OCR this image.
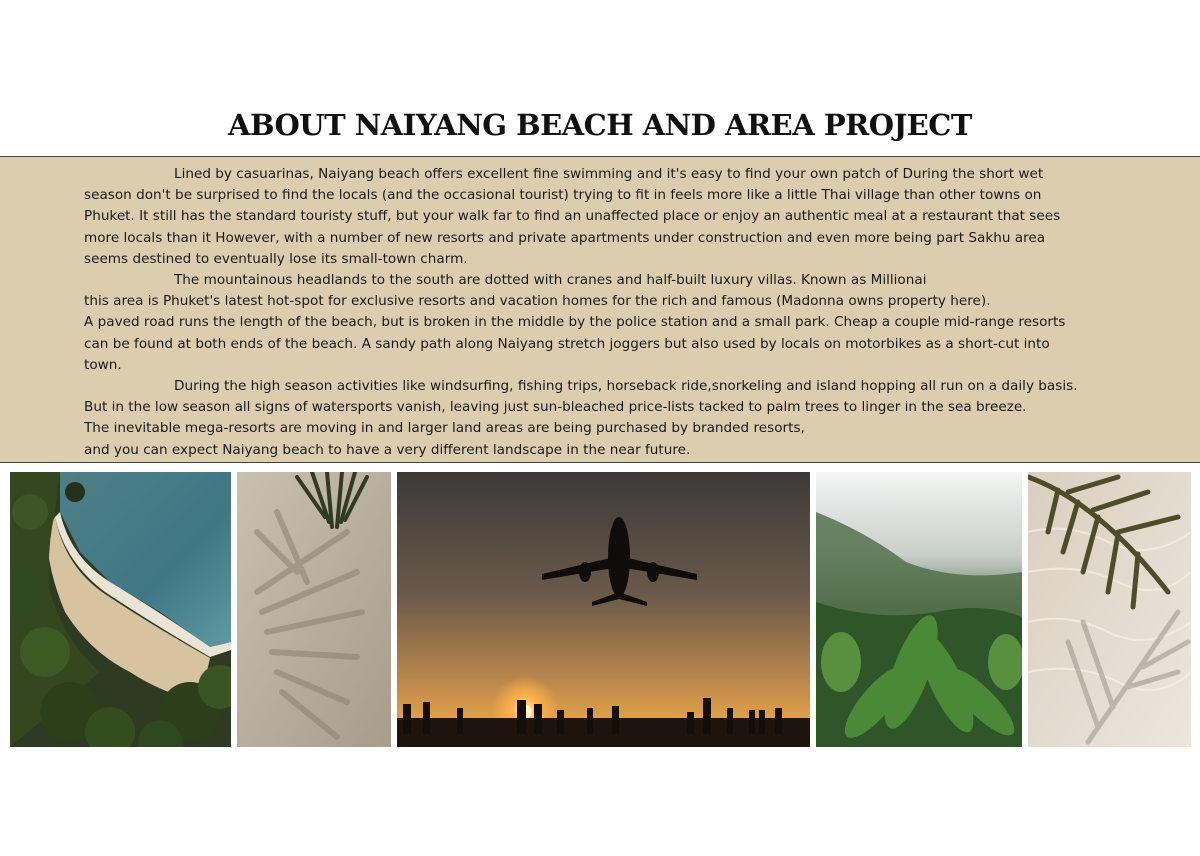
ABOUT NAIYANG BEACH AND AREA PROJECT
Lined by casuarinas, Naiyang beach offers excellent fine swimming and it's easy to find your own patch of During the short wet
season don't be surprised to find the locals (and the occasional tourist) trying to fit in feels more like a little Thai village than other towns on
Phuket. It still has the standard touristy stuff, but your walk far to find an unaffected place or enjoy an authentic meal at a restaurant that sees
more locals than it However, with a number of new resorts and private apartments under construction and even more being part Sakhu area
seems destined to eventually lose its small-town charm.
The mountainous headlands to the south are dotted with cranes and half-built luxury villas. Known as Millionai
this area is Phuket's latest hot-spot for exclusive resorts and vacation homes for the rich and famous (Madonna owns property here).
A paved road runs the length of the beach, but is broken in the middle by the police station and a small park. Cheap a couple mid-range resorts
can be found at both ends of the beach. A sandy path along Naiyang stretch joggers but also used by locals on motorbikes as a short-cut into
town.
During the high season activities like windsurfing, fishing trips, horseback ride,snorkeling and island hopping all run on a daily basis.
But in the low season all signs of watersports vanish, leaving just sun-bleached price-lists tacked to palm trees to linger in the sea breeze.
The inevitable mega-resorts are moving in and larger land areas are being purchased by branded resorts,
and you can expect Naiyang beach to have a very different landscape in the near future.
